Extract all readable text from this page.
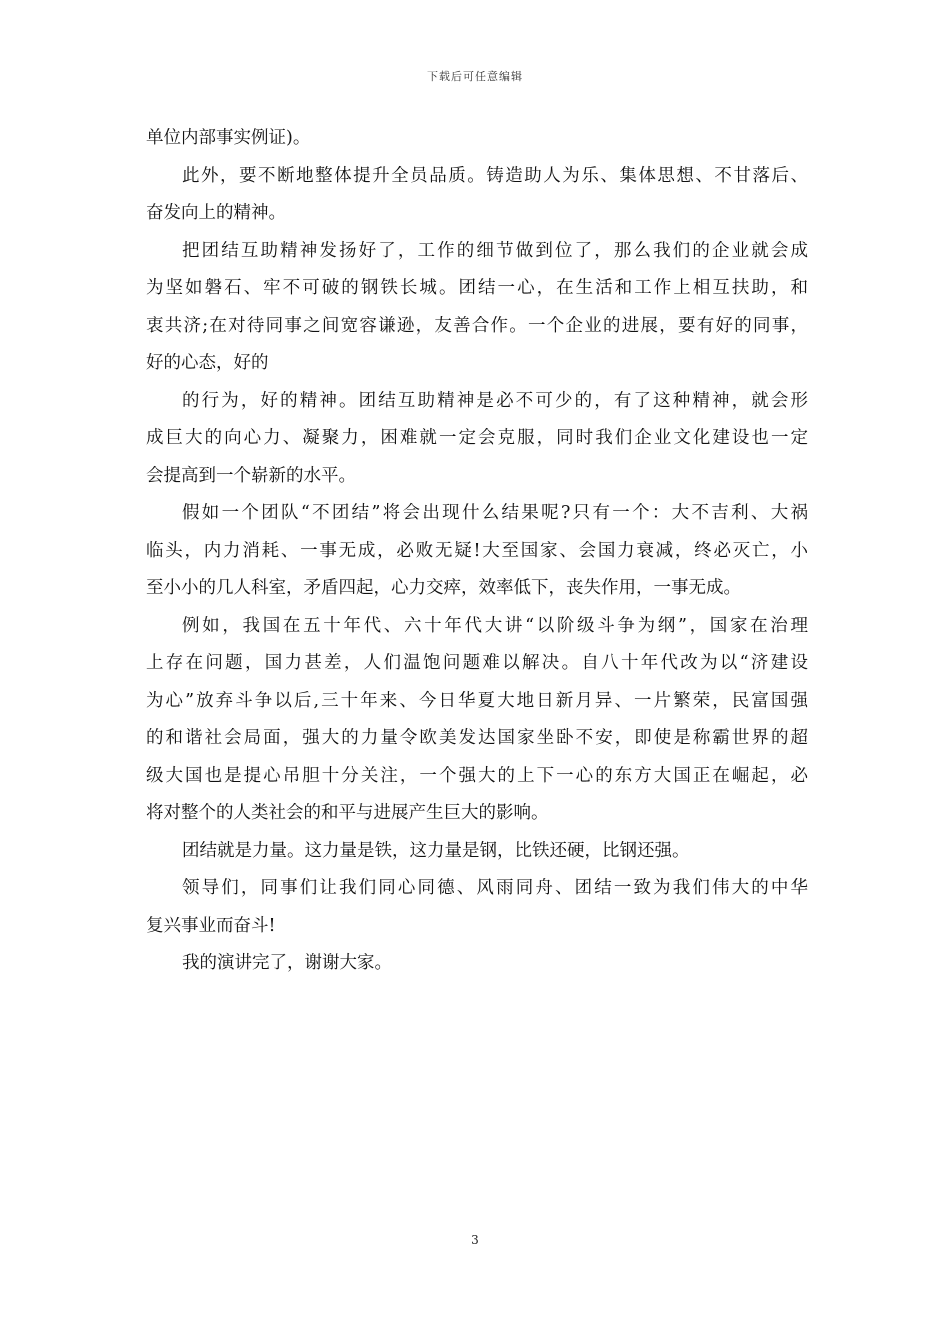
下载后可任意编辑
单位内部事实例证)。
此外，要不断地整体提升全员品质。铸造助人为乐、集体思想、不甘落后、
奋发向上的精神。
把团结互助精神发扬好了，工作的细节做到位了，那么我们的企业就会成
为坚如磐石、牢不可破的钢铁长城。团结一心，在生活和工作上相互扶助，和
衷共济;在对待同事之间宽容谦逊，友善合作。一个企业的进展，要有好的同事，
好的心态，好的
的行为，好的精神。团结互助精神是必不可少的，有了这种精神，就会形
成巨大的向心力、凝聚力，困难就一定会克服，同时我们企业文化建设也一定
会提高到一个崭新的水平。
假如一个团队“不团结”将会出现什么结果呢?只有一个：大不吉利、大祸
临头，内力消耗、一事无成，必败无疑!大至国家、会国力衰减，终必灭亡，小
至小小的几人科室，矛盾四起，心力交瘁，效率低下，丧失作用，一事无成。
例如，我国在五十年代、六十年代大讲“以阶级斗争为纲”，国家在治理
上存在问题，国力甚差，人们温饱问题难以解决。自八十年代改为以“济建设
为心”放弃斗争以后,三十年来、今日华夏大地日新月异、一片繁荣，民富国强
的和谐社会局面，强大的力量令欧美发达国家坐卧不安，即使是称霸世界的超
级大国也是提心吊胆十分关注，一个强大的上下一心的东方大国正在崛起，必
将对整个的人类社会的和平与进展产生巨大的影响。
团结就是力量。这力量是铁，这力量是钢，比铁还硬，比钢还强。
领导们，同事们让我们同心同德、风雨同舟、团结一致为我们伟大的中华
复兴事业而奋斗!
我的演讲完了，谢谢大家。
3
